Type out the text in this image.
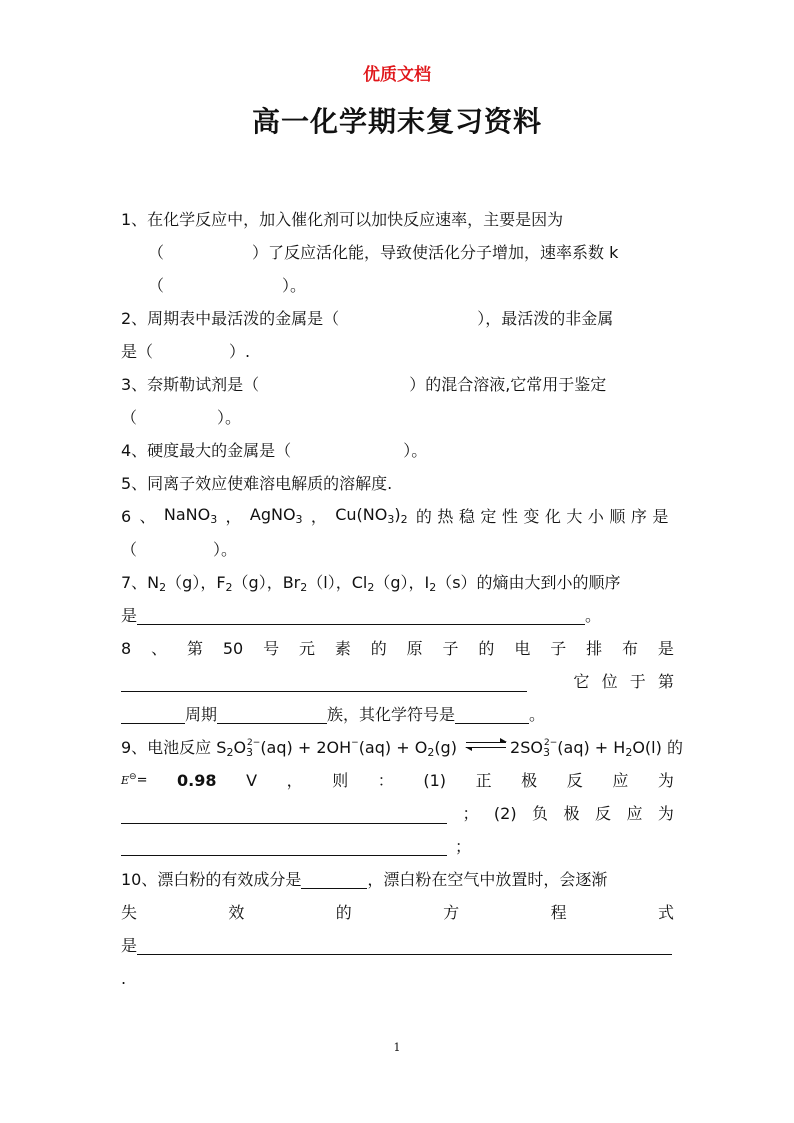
优质文档
高一化学期末复习资料
1、在化学反应中，加入催化剂可以加快反应速率，主要是因为
（	）了反应活化能，导致使活化分子增加，速率系数 k
（	）。
2、周期表中最活泼的金属是（	），最活泼的非金属
是（	）.
3、奈斯勒试剂是（	）的混合溶液,它常用于鉴定
（	）。
4、硬度最大的金属是（	）。
5、同离子效应使难溶电解质的溶解度.
6 、 NaNO$_3$ ， AgNO$_3$ ， $Cu(NO_3)_2$ 的热稳定性变化大小顺序是
（	）。
7、$N_2(g)$，$F_2(g)$，$Br_2(l)$，$Cl_2(g)$，$I_2(s)$的熵由大到小的顺序
是	。
8 、 第 50 号 元 素 的 原 子 的 电 子 排 布 是
它 位 于 第
周期	族，其化学符号是	。
9、电池反应 $S_2O_3^{2-}(aq) + 2OH^-(aq) + O_2(g)$ ⇌ $2SO_3^{2-}(aq) + H_2O(l)$ 的
E⊖= 0.98 V ， 则 ： (1) 正 极 反 应 为
； (2) 负 极 反 应 为
；
10、漂白粉的有效成分是	，漂白粉在空气中放置时，会逐渐
失	效	的	方	程	式
是
.
1
